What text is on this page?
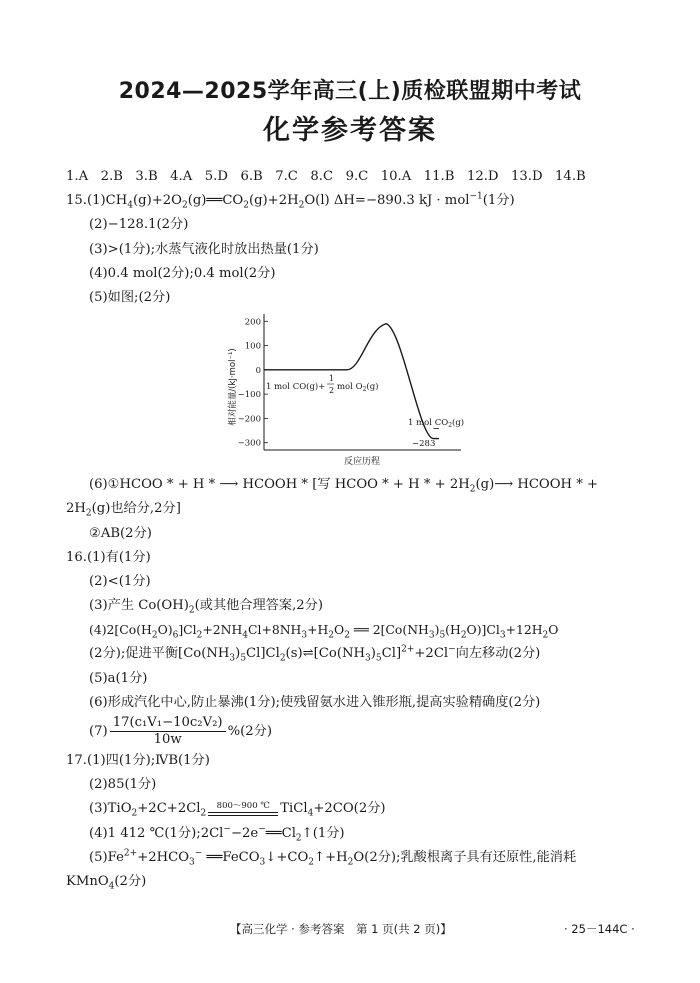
2024—2025学年高三(上)质检联盟期中考试
化学参考答案
1.A 2.B 3.B 4.A 5.D 6.B 7.C 8.C 9.C 10.A 11.B 12.D 13.D 14.B
$15.(1)CH_4(g)+2O_2(g)══CO_2(g)+2H_2O(l)$ ΔH=−890.3 kJ · mol$^{-1}$(1分)
(2)−128.1(2分)
(3)>(1分);水蒸气液化时放出热量(1分)
(4)0.4 mol(2分);0.4 mol(2分)
(5)如图;(2分)
相对能量/(kJ·mol⁻¹)
200
100
0
−100
−200
−300
1 mol CO(g)+
1
2 mol $O_2(g)$
1 mol $CO_2(g)$
−283
反应历程
(6)①HCOO * + H * ⟶ HCOOH * [写 HCOO * + H * + $2H_2(g)⟶$ HCOOH * +
$2H_2(g)$也给分,2分]
②AB(2分)
16.(1)有(1分)
(2)<(1分)
(3)产生 $Co(OH)_2$(或其他合理答案,2分)
$(4)2[Co(H_2O)_6]Cl_2+2NH_4Cl+8NH_3+H_2O_2$ ══ $2[Co(NH_3)_5(H_2O)]Cl_3+12H_2O$
(2分);促进平衡$[Co(NH_3)_5Cl]Cl_2(s)\rightleftharpoons[Co(NH_3)_5Cl]^{2+}+2Cl^-$向左移动(2分)
(5)a(1分)
(6)形成汽化中心,防止暴沸(1分);使残留氨水进入锥形瓶,提高实验精确度(2分)
$(7) \frac{\text{17(c₁V₁−10c₂V₂)}}{10w} \%(2$分)
17.(1)四(1分);ⅣB(1分)
(2)85(1分)
$(3)TiO_2+2C+2Cl_2$
800～900 ℃ TiCl$_4$+2CO(2分)
(4)1 412 ℃(1分)$;2Cl^--2e^-══Cl_2↑(1$分)
$(5)Fe^{2+}+2HCO_3^-$ $══FeCO_3↓+CO_2↑+H_2O(2$分);乳酸根离子具有还原性,能消耗
KMnO$_4$(2分)
【高三化学 · 参考答案　第 1 页(共 2 页)】	· 25－144C ·
